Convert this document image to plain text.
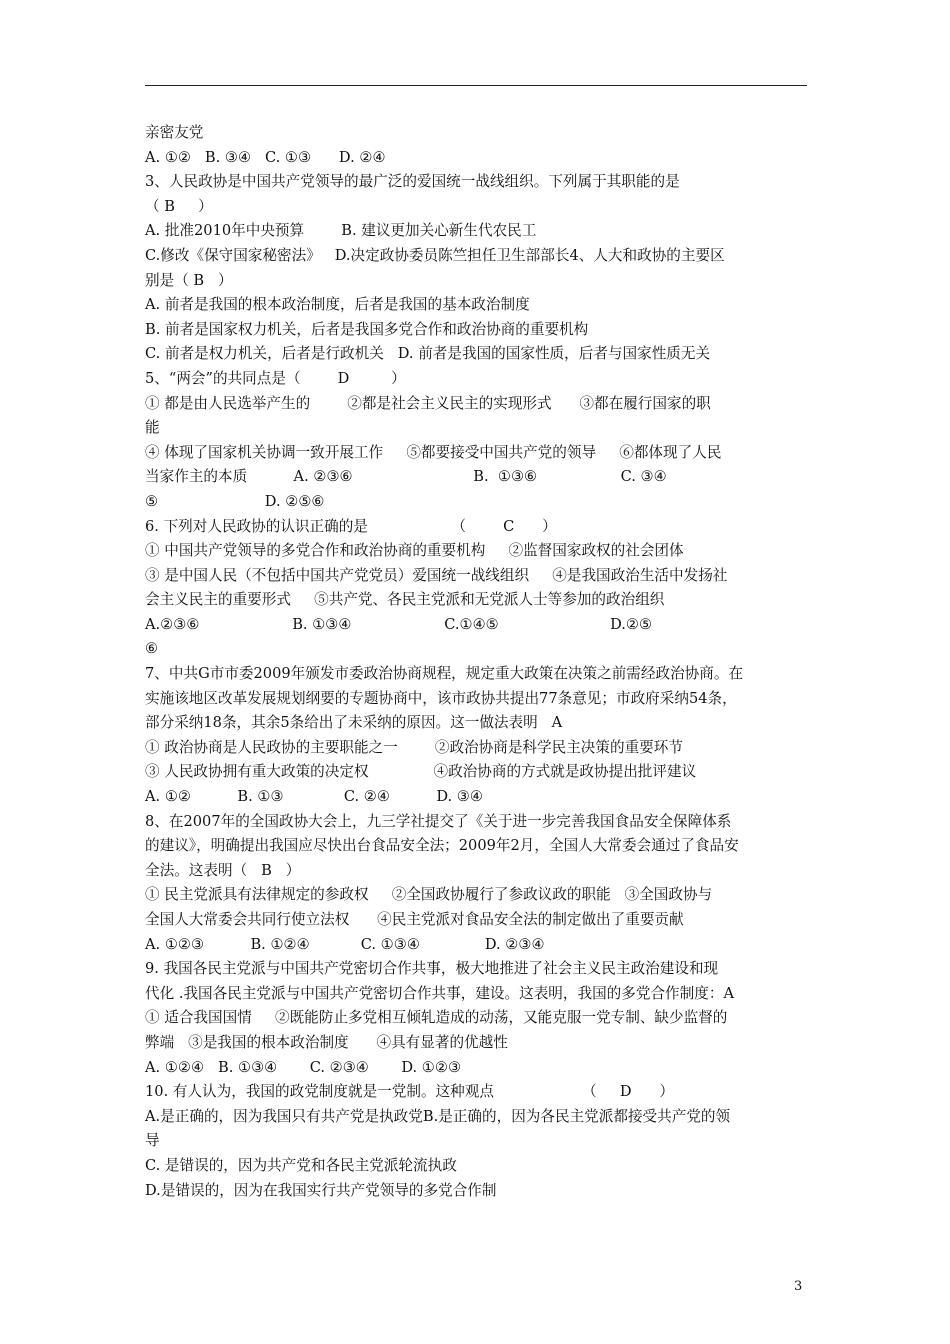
亲密友党
A. ①②   B. ③④   C. ①③      D. ②④
3、人民政协是中国共产党领导的最广泛的爱国统一战线组织。下列属于其职能的是
（ B     ）
A. 批准2010年中央预算        B. 建议更加关心新生代农民工
C.修改《保守国家秘密法》   D.决定政协委员陈竺担任卫生部部长4、人大和政协的主要区
别是（ B   ）
A. 前者是我国的根本政治制度，后者是我国的基本政治制度
B. 前者是国家权力机关，后者是我国多党合作和政治协商的重要机构
C. 前者是权力机关，后者是行政机关   D. 前者是我国的国家性质，后者与国家性质无关
5、“两会”的共同点是（        D         ）
① 都是由人民选举产生的        ②都是社会主义民主的实现形式      ③都在履行国家的职
能
④ 体现了国家机关协调一致开展工作     ⑤都要接受中国共产党的领导     ⑥都体现了人民
当家作主的本质          A. ②③⑥                          B.  ①③⑥                  C. ③④
⑤                       D. ②⑤⑥
6. 下列对人民政协的认识正确的是                  （        C      ）
① 中国共产党领导的多党合作和政治协商的重要机构     ②监督国家政权的社会团体
③ 是中国人民（不包括中国共产党党员）爱国统一战线组织     ④是我国政治生活中发扬社
会主义民主的重要形式     ⑤共产党、各民主党派和无党派人士等参加的政治组织
A.②③⑥                    B. ①③④                    C.①④⑤                        D.②⑤
⑥
7、中共G市市委2009年颁发市委政治协商规程，规定重大政策在决策之前需经政治协商。在
实施该地区改革发展规划纲要的专题协商中，该市政协共提出77条意见；市政府采纳54条，
部分采纳18条，其余5条给出了未采纳的原因。这一做法表明   A
① 政治协商是人民政协的主要职能之一        ②政治协商是科学民主决策的重要环节
③ 人民政协拥有重大政策的决定权              ④政治协商的方式就是政协提出批评建议
A. ①②          B. ①③             C. ②④          D. ③④
8、在2007年的全国政协大会上，九三学社提交了《关于进一步完善我国食品安全保障体系
的建议》，明确提出我国应尽快出台食品安全法；2009年2月，全国人大常委会通过了食品安
全法。这表明（   B   ）
① 民主党派具有法律规定的参政权     ②全国政协履行了参政议政的职能   ③全国政协与
全国人大常委会共同行使立法权      ④民主党派对食品安全法的制定做出了重要贡献
A. ①②③          B. ①②④           C. ①③④              D. ②③④
9. 我国各民主党派与中国共产党密切合作共事，极大地推进了社会主义民主政治建设和现
代化 .我国各民主党派与中国共产党密切合作共事，建设。这表明，我国的多党合作制度：A
① 适合我国国情     ②既能防止多党相互倾轧造成的动荡，又能克服一党专制、缺少监督的
弊端   ③是我国的根本政治制度      ④具有显著的优越性
A. ①②④   B. ①③④       C. ②③④       D. ①②③
10. 有人认为，我国的政党制度就是一党制。这种观点                   （     D      ）
A.是正确的，因为我国只有共产党是执政党B.是正确的，因为各民主党派都接受共产党的领
导
C. 是错误的，因为共产党和各民主党派轮流执政
D.是错误的，因为在我国实行共产党领导的多党合作制
3
